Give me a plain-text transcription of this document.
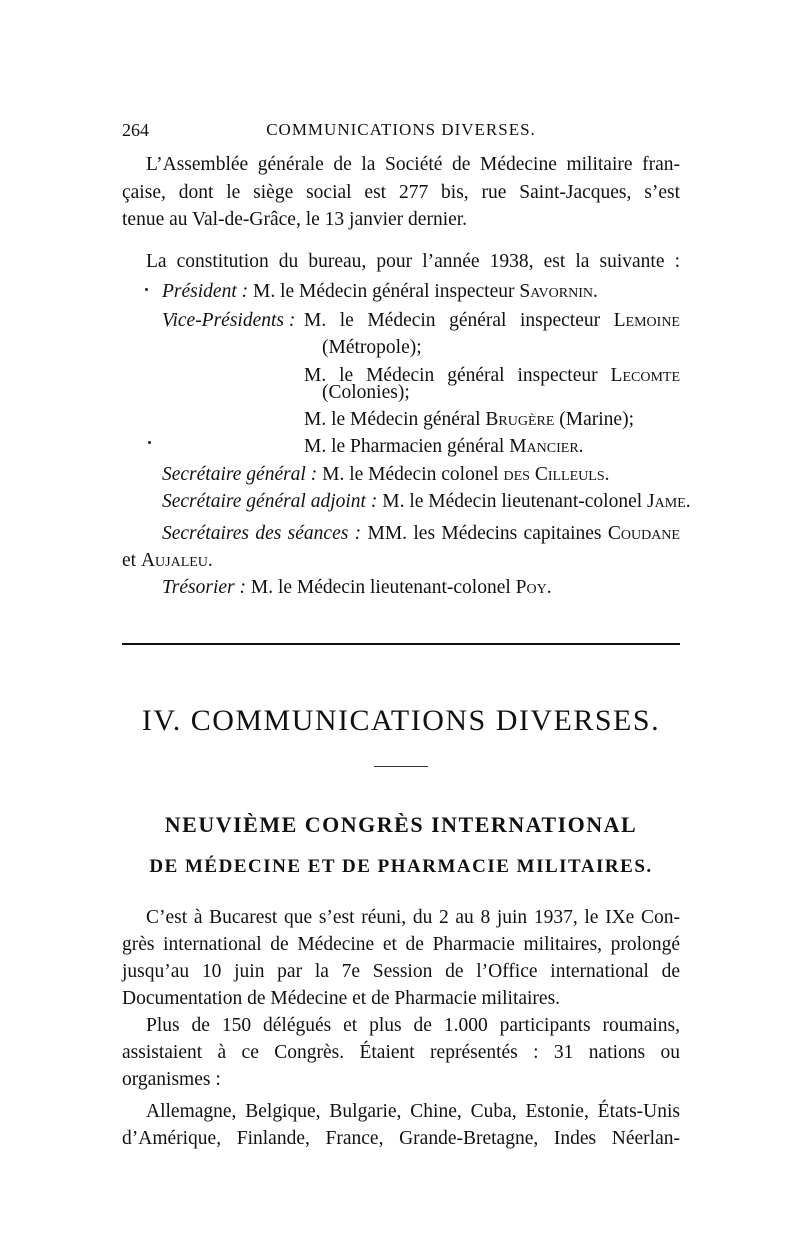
264	COMMUNICATIONS DIVERSES.
L’Assemblée générale de la Société de Médecine militaire fran-
çaise, dont le siège social est 277 bis, rue Saint-Jacques, s’est
tenue au Val-de-Grâce, le 13 janvier dernier.
La constitution du bureau, pour l’année 1938, est la suivante :
Président : M. le Médecin général inspecteur Savornin.
Vice-Présidents : M. le Médecin général inspecteur Lemoine
(Métropole);
M. le Médecin général inspecteur Lecomte
(Colonies);
M. le Médecin général Brugère (Marine);
M. le Pharmacien général Mancier.
Secrétaire général : M. le Médecin colonel des Cilleuls.
Secrétaire général adjoint : M. le Médecin lieutenant-colonel Jame.
Secrétaires des séances : MM. les Médecins capitaines Coudane
et Aujaleu.
Trésorier : M. le Médecin lieutenant-colonel Poy.
IV. COMMUNICATIONS DIVERSES.
NEUVIÈME CONGRÈS INTERNATIONAL
DE MÉDECINE ET DE PHARMACIE MILITAIRES.
C’est à Bucarest que s’est réuni, du 2 au 8 juin 1937, le IXe Con-
grès international de Médecine et de Pharmacie militaires, prolongé
jusqu’au 10 juin par la 7e Session de l’Office international de
Documentation de Médecine et de Pharmacie militaires.
Plus de 150 délégués et plus de 1.000 participants roumains,
assistaient à ce Congrès. Étaient représentés : 31 nations ou
organismes :
Allemagne, Belgique, Bulgarie, Chine, Cuba, Estonie, États-Unis
d’Amérique, Finlande, France, Grande-Bretagne, Indes Néerlan-
